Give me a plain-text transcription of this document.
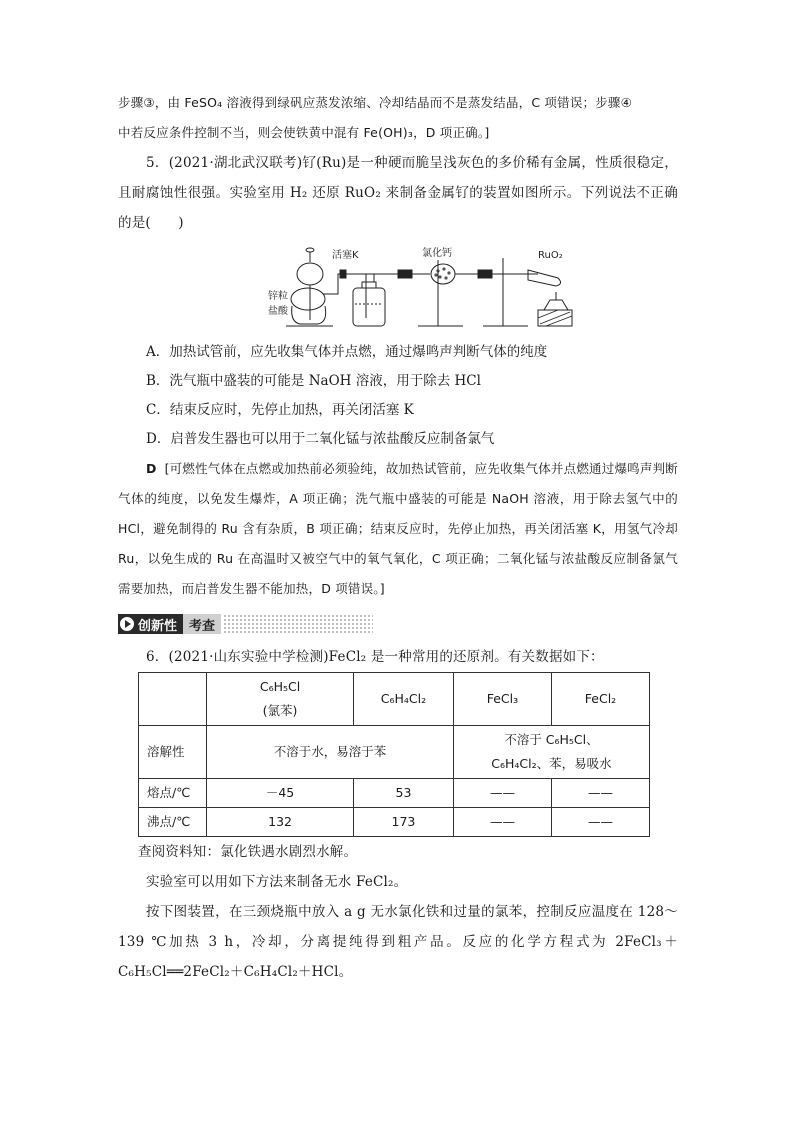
步骤③，由 FeSO₄ 溶液得到绿矾应蒸发浓缩、冷却结晶而不是蒸发结晶，C 项错误；步骤④

中若反应条件控制不当，则会使铁黄中混有 Fe(OH)₃，D 项正确。]

5．(2021·湖北武汉联考)钌(Ru)是一种硬而脆呈浅灰色的多价稀有金属，性质很稳定，且耐腐蚀性很强。实验室用 H₂ 还原 RuO₂ 来制备金属钌的装置如图所示。下列说法不正确的是(　　)

活塞K	氯化钙	RuO₂
锌粒
盐酸

A．加热试管前，应先收集气体并点燃，通过爆鸣声判断气体的纯度

B．洗气瓶中盛装的可能是 NaOH 溶液，用于除去 HCl

C．结束反应时，先停止加热，再关闭活塞 K

D．启普发生器也可以用于二氧化锰与浓盐酸反应制备氯气

D [可燃性气体在点燃或加热前必须验纯，故加热试管前，应先收集气体并点燃通过爆鸣声判断气体的纯度，以免发生爆炸，A 项正确；洗气瓶中盛装的可能是 NaOH 溶液，用于除去氢气中的 HCl，避免制得的 Ru 含有杂质，B 项正确；结束反应时，先停止加热，再关闭活塞 K，用氢气冷却 Ru，以免生成的 Ru 在高温时又被空气中的氧气氧化，C 项正确；二氧化锰与浓盐酸反应制备氯气需要加热，而启普发生器不能加热，D 项错误。]

创新性 考查

6．(2021·山东实验中学检测)FeCl₂ 是一种常用的还原剂。有关数据如下：

	C₆H₅Cl
(氯苯)	C₆H₄Cl₂	FeCl₃	FeCl₂
溶解性	不溶于水，易溶于苯		不溶于 C₆H₅Cl、C₆H₄Cl₂、苯，易吸水	
熔点/℃	－45	53	——	——
沸点/℃	132	173	——	——

查阅资料知：氯化铁遇水剧烈水解。

实验室可以用如下方法来制备无水 FeCl₂。

按下图装置，在三颈烧瓶中放入 a g 无水氯化铁和过量的氯苯，控制反应温度在 128～139 ℃加热 3 h，冷却，分离提纯得到粗产品。反应的化学方程式为 2FeCl₃＋C₆H₅Cl══2FeCl₂＋C₆H₄Cl₂＋HCl。
